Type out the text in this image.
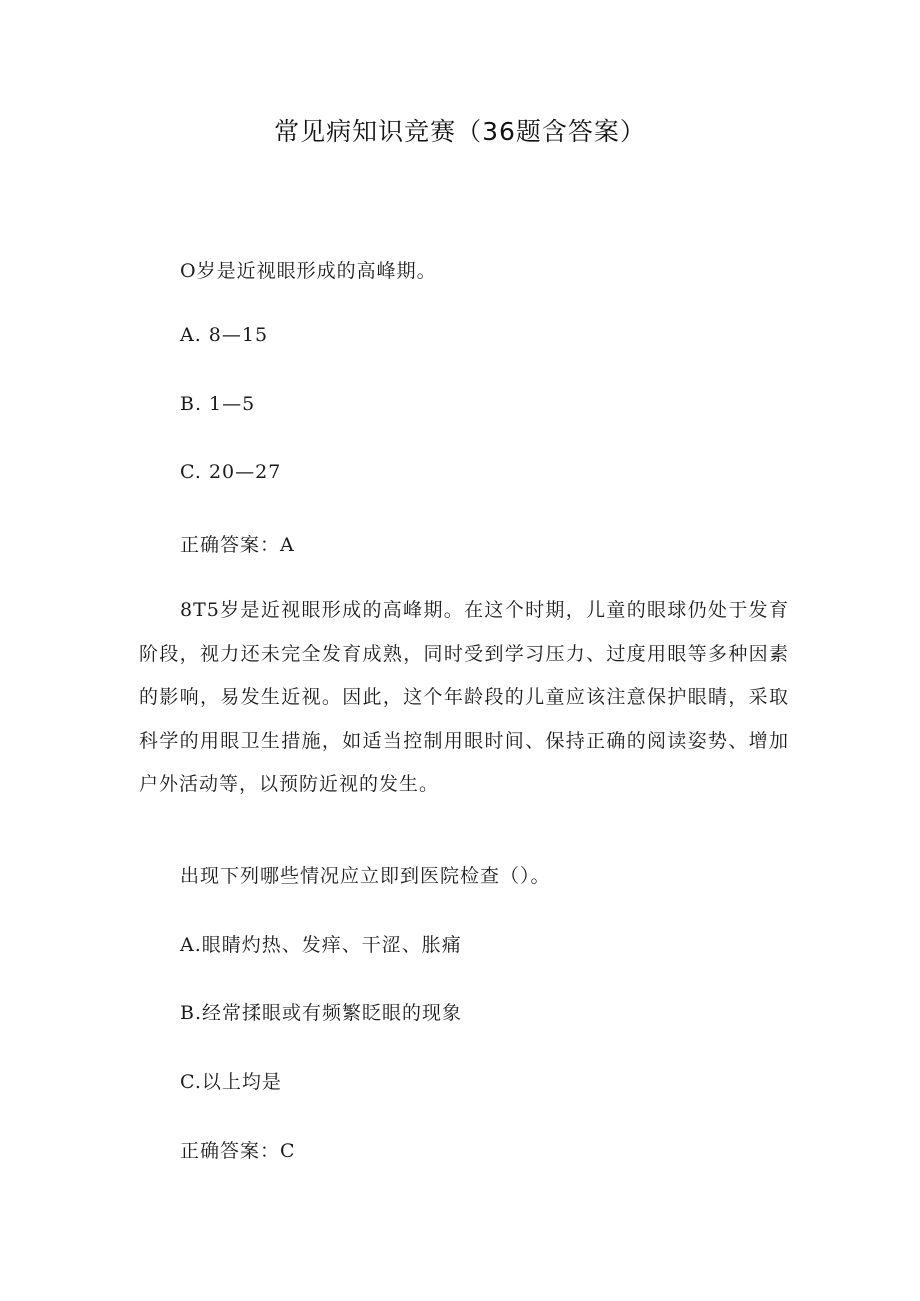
常见病知识竞赛（36题含答案）
O岁是近视眼形成的高峰期。
A. 8—15
B. 1—5
C. 20—27
正确答案：A
8T5岁是近视眼形成的高峰期。在这个时期，儿童的眼球仍处于发育阶段，视力还未完全发育成熟，同时受到学习压力、过度用眼等多种因素的影响，易发生近视。因此，这个年龄段的儿童应该注意保护眼睛，采取科学的用眼卫生措施，如适当控制用眼时间、保持正确的阅读姿势、增加户外活动等，以预防近视的发生。
出现下列哪些情况应立即到医院检查（）。
A.眼睛灼热、发痒、干涩、胀痛
B.经常揉眼或有频繁眨眼的现象
C.以上均是
正确答案：C
